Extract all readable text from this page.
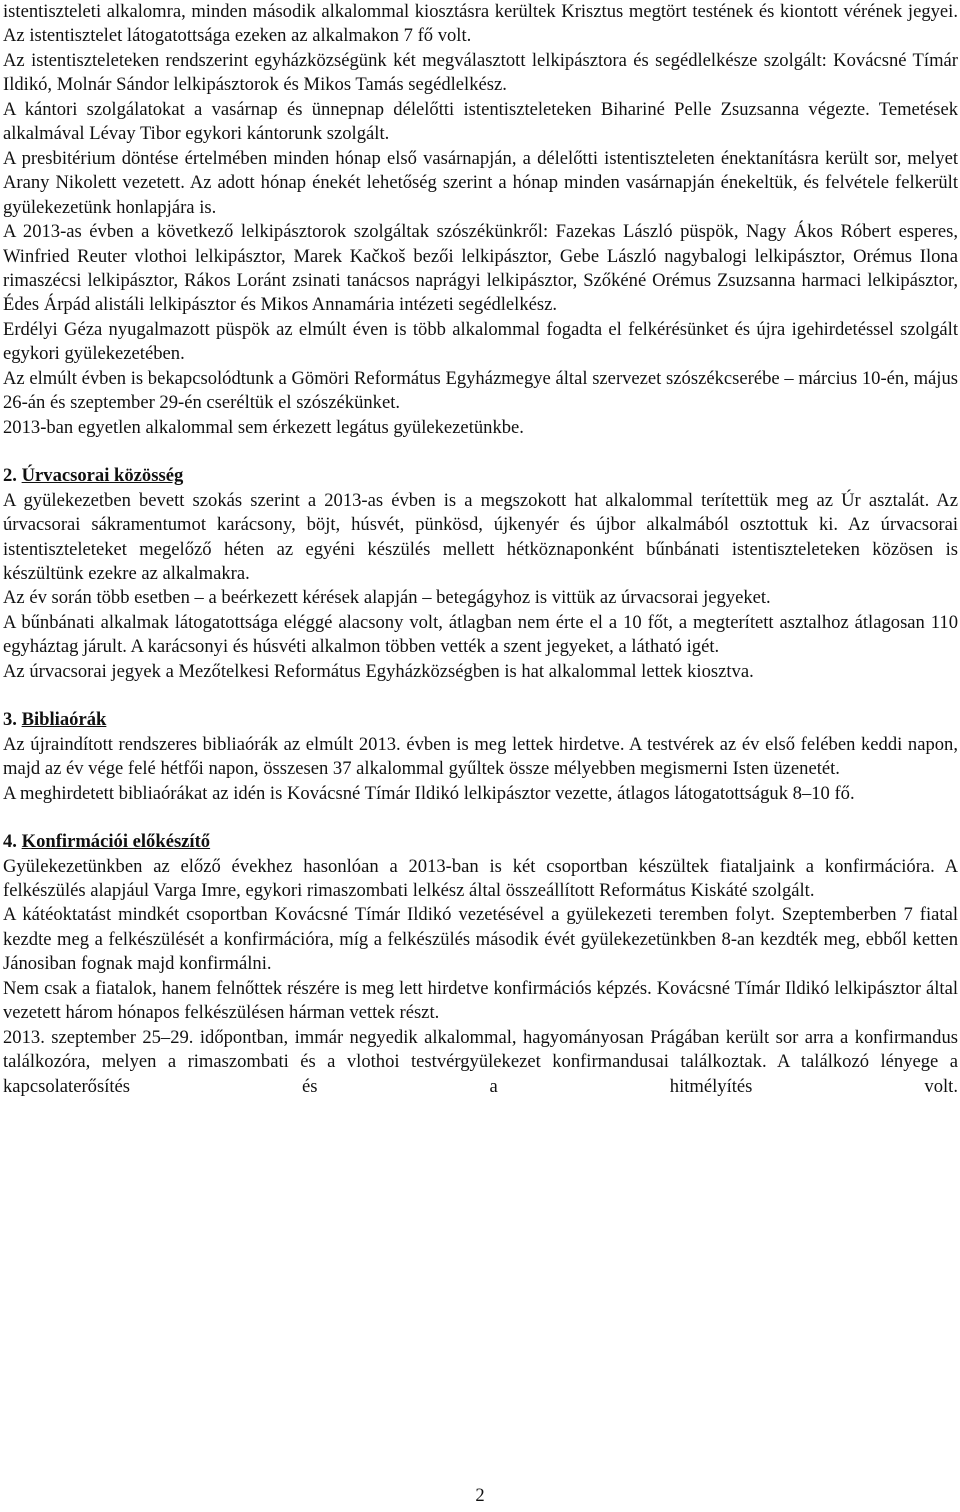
istentiszteleti alkalomra, minden második alkalommal kiosztásra kerültek Krisztus megtört testének és kiontott vérének jegyei. Az istentisztelet látogatottsága ezeken az alkalmakon 7 fő volt.

Az istentiszteleteken rendszerint egyházközségünk két megválasztott lelkipásztora és segédlelkésze szolgált: Kovácsné Tímár Ildikó, Molnár Sándor lelkipásztorok és Mikos Tamás segédlelkész.

A kántori szolgálatokat a vasárnap és ünnepnap délelőtti istentiszteleteken Bihariné Pelle Zsuzsanna végezte. Temetések alkalmával Lévay Tibor egykori kántorunk szolgált.

A presbitérium döntése értelmében minden hónap első vasárnapján, a délelőtti istentiszteleten énektanításra került sor, melyet Arany Nikolett vezetett. Az adott hónap énekét lehetőség szerint a hónap minden vasárnapján énekeltük, és felvétele felkerült gyülekezetünk honlapjára is.

A 2013-as évben a következő lelkipásztorok szolgáltak szószékünkről: Fazekas László püspök, Nagy Ákos Róbert esperes, Winfried Reuter vlothoi lelkipásztor, Marek Kačkoš bezői lelkipásztor, Gebe László nagybalogi lelkipásztor, Orémus Ilona rimaszécsi lelkipásztor, Rákos Loránt zsinati tanácsos naprágyi lelkipásztor, Szőkéné Orémus Zsuzsanna harmaci lelkipásztor, Édes Árpád alistáli lelkipásztor és Mikos Annamária intézeti segédlelkész.

Erdélyi Géza nyugalmazott püspök az elmúlt éven is több alkalommal fogadta el felkérésünket és újra igehirdetéssel szolgált egykori gyülekezetében.

Az elmúlt évben is bekapcsolódtunk a Gömöri Református Egyházmegye által szervezet szószékcserébe – március 10-én, május 26-án és szeptember 29-én cseréltük el szószékünket.

2013-ban egyetlen alkalommal sem érkezett legátus gyülekezetünkbe.

2. Úrvacsorai közösség

A gyülekezetben bevett szokás szerint a 2013-as évben is a megszokott hat alkalommal terítettük meg az Úr asztalát. Az úrvacsorai sákramentumot karácsony, böjt, húsvét, pünkösd, újkenyér és újbor alkalmából osztottuk ki. Az úrvacsorai istentiszteleteket megelőző héten az egyéni készülés mellett hétköznaponként bűnbánati istentiszteleteken közösen is készültünk ezekre az alkalmakra.

Az év során több esetben – a beérkezett kérések alapján – betegágyhoz is vittük az úrvacsorai jegyeket.

A bűnbánati alkalmak látogatottsága eléggé alacsony volt, átlagban nem érte el a 10 főt, a megterített asztalhoz átlagosan 110 egyháztag járult. A karácsonyi és húsvéti alkalmon többen vették a szent jegyeket, a látható igét.

Az úrvacsorai jegyek a Mezőtelkesi Református Egyházközségben is hat alkalommal lettek kiosztva.

3. Bibliaórák

Az újraindított rendszeres bibliaórák az elmúlt 2013. évben is meg lettek hirdetve. A testvérek az év első felében keddi napon, majd az év vége felé hétfői napon, összesen 37 alkalommal gyűltek össze mélyebben megismerni Isten üzenetét.

A meghirdetett bibliaórákat az idén is Kovácsné Tímár Ildikó lelkipásztor vezette, átlagos látogatottságuk 8–10 fő.

4. Konfirmációi előkészítő

Gyülekezetünkben az előző évekhez hasonlóan a 2013-ban is két csoportban készültek fiataljaink a konfirmációra. A felkészülés alapjául Varga Imre, egykori rimaszombati lelkész által összeállított Református Kiskáté szolgált.

A kátéoktatást mindkét csoportban Kovácsné Tímár Ildikó vezetésével a gyülekezeti teremben folyt. Szeptemberben 7 fiatal kezdte meg a felkészülését a konfirmációra, míg a felkészülés második évét gyülekezetünkben 8-an kezdték meg, ebből ketten Jánosiban fognak majd konfirmálni.

Nem csak a fiatalok, hanem felnőttek részére is meg lett hirdetve konfirmációs képzés. Kovácsné Tímár Ildikó lelkipásztor által vezetett három hónapos felkészülésen hárman vettek részt.

2013. szeptember 25–29. időpontban, immár negyedik alkalommal, hagyományosan Prágában került sor arra a konfirmandus találkozóra, melyen a rimaszombati és a vlothoi testvérgyülekezet konfirmandusai találkoztak. A találkozó lényege a kapcsolaterősítés és a hitmélyítés volt.

2
